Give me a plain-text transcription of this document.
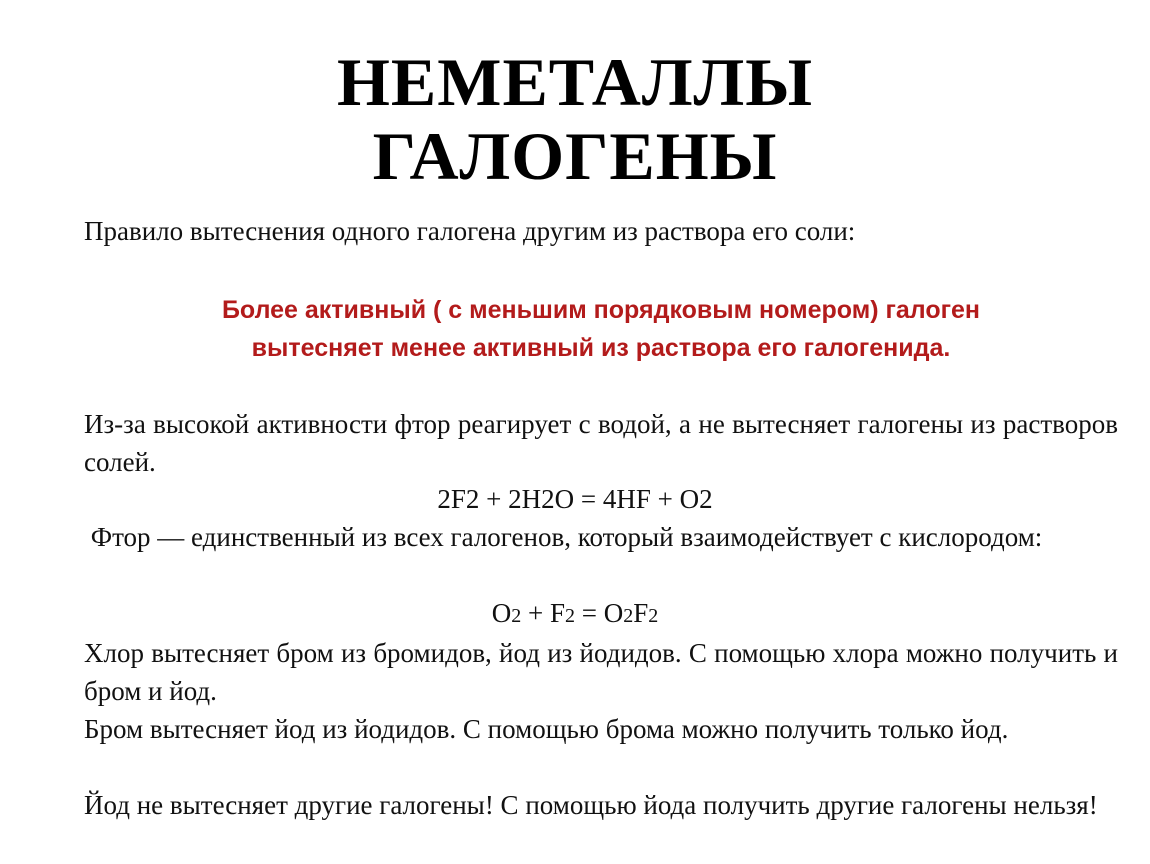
НЕМЕТАЛЛЫ
ГАЛОГЕНЫ
Правило вытеснения одного галогена другим из раствора его соли:
Более активный ( с меньшим порядковым номером) галоген
вытесняет менее активный из раствора его галогенида.
Из-за высокой активности фтор реагирует с водой, а не вытесняет галогены из растворов солей.
2F2 + 2H2O = 4HF + O2
Фтор — единственный из всех галогенов, который взаимодействует с кислородом:
O2 + F2 = O2F2
Хлор вытесняет бром из бромидов, йод из йодидов. С помощью хлора можно получить и бром и йод.
Бром вытесняет йод из йодидов. С помощью брома можно получить только йод.
Йод не вытесняет другие галогены! С помощью йода получить другие галогены нельзя!
